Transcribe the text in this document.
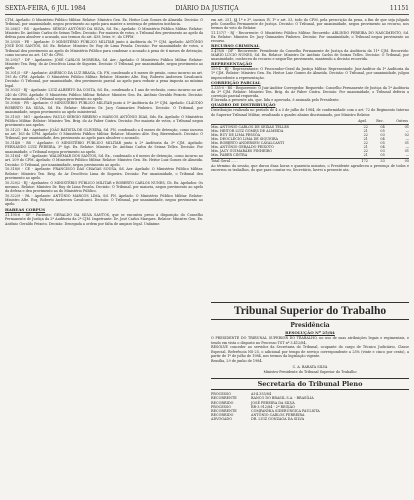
SEXTA-FEIRA, 6 JUL 1984	DIÁRIO DA JUSTIÇA	11151

CTM, Apelado: O Ministério Público Militar. Relator: Ministro Gen. Ex. Heitor Luiz Gomes de Almeida. Decisão: O Tribunal, por unanimidade, negou provimento ao apelo para manter a sentença de primeira instância.

10.266/1 - RS - Apelantes: SÉRGIO ANTÔNIO DA SILVA, Sd. Ex.; Apelado: O Ministério Público Militar. Relator: Ministro Dr. Antônio Carlos de Seixas Telles. Decisão: Por maioria de votos, o Tribunal deu provimento ao apelo da defesa para absolver o acusado, nos termos do art. 439, letra 'e', do CPPM.

10.293/0 - PE - Apelante: O MINISTÉRIO PÚBLICO MILITAR junto à Auditoria da 7ª CJM. Apelado: ANTÔNIO JOSÉ DOS SANTOS, Sd. Ex. Relator: Ministro Dr. Ruy de Lima Pessôa. Decisão: Por unanimidade de votos, o Tribunal deu provimento ao apelo do Ministério Público para condenar o acusado à pena de 6 meses de detenção, como incurso no art. 187 do CPM.

10.295/7 - DF - Apelantes: JOSÉ CARLOS MOREIRA, Sd. Aer.; Apelado: O Ministério Público Militar. Relator: Ministro Ten. Brig. do Ar Deoclécio Lima de Siqueira. Decisão: O Tribunal, por unanimidade, negou provimento ao apelo.

10.301/5 - SP - Apelante: AMÉRICO DA LUZ BRAGA, Cb. FN, condenado a 8 meses de prisão, como incurso no art. 195 do CPM. Apelado: O Ministério Público Militar. Relator: Ministro Alte. Esq. Roberto Andersen Cavalcanti. Decisão: O Tribunal, por unanimidade, deu provimento parcial ao apelo para reduzir a pena imposta ao mínimo legal.

10.303/1 - RJ - Apelante: LUIZ ALBERTO DA COSTA, Sd. Ex., condenado a 1 ano de reclusão, como incurso no art. 240 do CPM. Apelado: O Ministério Público Militar. Relator: Ministro Gen. Ex. Antônio Geraldo Peixoto. Decisão: Por unanimidade, o Tribunal negou provimento ao apelo.

10.308/6 - PR - Apelante: O MINISTÉRIO PÚBLICO MILITAR junto à 5ª Auditoria da 5ª CJM. Apelado: CLÁUDIO ROBERTO DA SILVA, Sd. Ex. Relator: Ministro Dr. Jacy Guimarães Pinheiro. Decisão: O Tribunal, por unanimidade, negou provimento ao apelo ministerial.

10.310/5 - MG - Apelantes: PAULO SÉRGIO RIBEIRO e MARCOS ANTÔNIO DIAS, Sds. Ex. Apelado: O Ministério Público Militar. Relator: Ministro Ten. Brig. do Ar Faber Cintra. Decisão: Por maioria de votos, o Tribunal negou provimento aos apelos.

10.312/1 - BA - Apelante: JOÃO BATISTA DE OLIVEIRA, Sd. FN, condenado a 4 meses de detenção, como incurso no art. 163 do CPM. Apelado: O Ministério Público Militar. Relator: Ministro Alte. Esq. Bierrenbach. Decisão: O Tribunal, por unanimidade, deu provimento ao apelo para absolver o acusado.

10.314/8 - RS - Apelante: O MINISTÉRIO PÚBLICO MILITAR junto à 2ª Auditoria da 3ª CJM. Apelado: FERNANDO LUIZ PEREIRA, 3º Sgt. Ex. Relator: Ministro Dr. Antônio Carlos de Seixas Telles. Decisão: Por unanimidade, o Tribunal negou provimento ao apelo.

10.316/4 - SP - Apelante: WALDEMAR DOS SANTOS, Sd. Ex., condenado a 6 meses de detenção, como incurso no art. 209 do CPM. Apelado: O Ministério Público Militar. Relator: Ministro Gen. Ex. Heitor Luiz Gomes de Almeida. Decisão: O Tribunal, por unanimidade, negou provimento ao apelo.

10.318/0 - CE - Apelante: FRANCISCO DAS CHAGAS SOUSA, Sd. Aer. Apelado: O Ministério Público Militar. Relator: Ministro Ten. Brig. do Ar Deoclécio Lima de Siqueira. Decisão: Por unanimidade, o Tribunal deu provimento ao apelo.

10.320/2 - RJ - Apelantes: O MINISTÉRIO PÚBLICO MILITAR e ROBERTO CARLOS NUNES, Cb. Ex. Apelados: Os mesmos. Relator: Ministro Dr. Ruy de Lima Pessôa. Decisão: O Tribunal, por maioria, negou provimento ao apelo da defesa e deu provimento ao do Ministério Público.

10.322/9 - PA - Apelante: ANTÔNIO MARCOS LIMA, Sd. FN. Apelado: O Ministério Público Militar. Relator: Ministro Alte. Esq. Roberto Andersen Cavalcanti. Decisão: O Tribunal, por unanimidade, negou provimento ao apelo.

HABEAS CORPUS

31.195-6 - SP - Paciente: GERALDO DA SILVA SANTOS, que se encontra preso à disposição do Conselho Permanente de Justiça da 2ª Auditoria da 2ª CJM. Impetrante: Dr. José Carlos Marques. Relator: Ministro Gen. Ex. Antônio Geraldo Peixoto. Decisão: Denegada a ordem por falta de amparo legal. Unânime.

em art. 251, §§ 1º e 3º, incisos IV, 1º e art. 53, todo do CPM, pela prescrição da pena, a fim de que seja julgado pelo Conselho Permanente de Justiça. Decisão: O Tribunal, por unanimidade, negou provimento ao recurso, nos termos do voto do Relator.

11.137/7 - RJ - Recorrente: O Ministério Público Militar. Recorrido: ARLINDO PEREIRA DO NASCIMENTO, Sd. Ex. Relator: Ministro Dr. Jacy Guimarães Pinheiro. Decisão: Por unanimidade, o Tribunal negou provimento ao recurso.

RECURSO CRIMINAL

5.478/8 - DF - Recorrente: Presidente do Conselho Permanente de Justiça da Auditoria da 11ª CJM. Recorrido: MÁRIO LÚCIO NUNES, Sd. Ex. Relator: Ministro Dr. Antônio Carlos de Seixas Telles. Decisão: O Tribunal, por unanimidade, conheceu do recurso e negou-lhe provimento, mantendo a decisão recorrida.

REPRESENTAÇÃO

109-4 - RJ - Representante: O Procurador-Geral da Justiça Militar. Representado: Juiz-Auditor da 1ª Auditoria da 1ª CJM. Relator: Ministro Gen. Ex. Heitor Luiz Gomes de Almeida. Decisão: O Tribunal, por unanimidade, julgou improcedente a representação.

CORREIÇÃO PARCIAL

1.335-0 - RS - Requerente: O Juiz-Auditor Corregedor. Requerido: Conselho Permanente de Justiça da 1ª Auditoria da 3ª CJM. Relator: Ministro Ten. Brig. do Ar Faber Cintra. Decisão: Por unanimidade, o Tribunal deferiu a correição parcial requerida.

É lavrada a presente ata, que, lida e aprovada, é assinada pelo Presidente.

QUADRO DE DISTRIBUIÇÃO

Distribuição realizada no período de 4 a 5 de julho de 1984, de conformidade com o art. 72 do Regimento Interno do Superior Tribunal Militar, resultando o quadro abaixo discriminado, por Ministro Relator.

	Apel.	Rec.	Outros
Min. ANTÔNIO CARLOS DE SEIXAS TELLES	22	04	01
Min. HEITOR LUIZ GOMES DE ALMEIDA	21	05	—
Min. RUY DE LIMA PESSÔA	22	03	02
Min. DEOCLÉCIO LIMA DE SIQUEIRA	21	04	—
Min. ROBERTO ANDERSEN CAVALCANTI	22	05	01
Min. ANTÔNIO GERALDO PEIXOTO	21	04	—
Min. JACY GUIMARÃES PINHEIRO	22	03	01
Min. FABER CINTRA	21	05	—
Total Geral ......	172	33	05

Ao término da sessão, que durou duas horas e quarenta minutos, o Presidente agradeceu a presença de todos e encerrou os trabalhos, do que para constar eu, Secretário, lavrei a presente ata.

Tribunal Superior do Trabalho
Presidência

RESOLUÇÃO Nº 25/84

O PRESIDENTE DO TRIBUNAL SUPERIOR DO TRABALHO, no uso de suas atribuições legais e regimentais, e tendo em vista o disposto no Processo TST nº 3.412/84,

RESOLVE conceder ao servidor da Secretaria do Tribunal, ocupante do cargo de Técnico Judiciário, Classe Especial, Referência NS-25, o adicional por tempo de serviço correspondente a 25% (vinte e cinco por cento), a partir de 1º de julho de 1984, nos termos da legislação vigente.

Brasília, 29 de junho de 1984.

C. A. BARATA SILVA

Ministro-Presidente do Tribunal Superior do Trabalho

Secretaria do Tribunal Pleno
PROCESSO	AI-4.355/84
RECORRENTE	BANCO DO BRASIL S.A. - BRASÍLIA
RECORRIDO	JOSÉ PEREIRA DA SILVA
PROCESSO	RR-3.912/84 - 2ª REGIÃO
RECORRENTE	COMPANHIA SIDERÚRGICA PAULISTA
RECORRIDO	ANTÔNIO CARLOS FERREIRA
ADVOGADO	DR. LUIZ GONZAGA DA SILVA
